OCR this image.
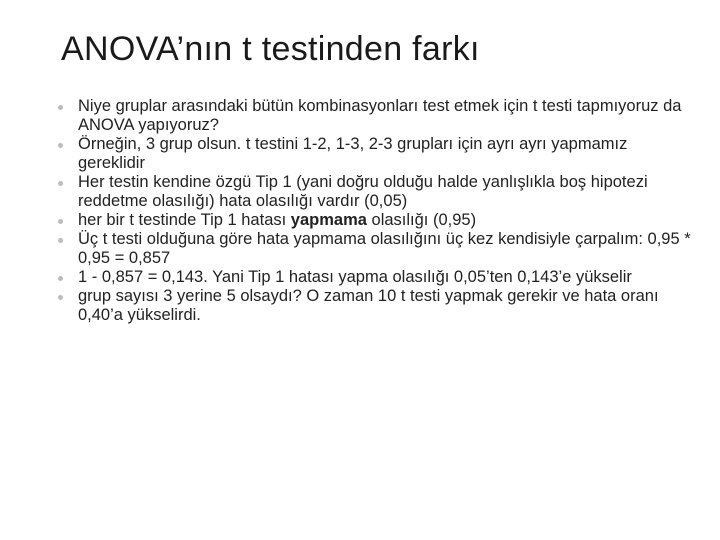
ANOVA’nın t testinden farkı
Niye gruplar arasındaki bütün kombinasyonları test etmek için t testi tapmıyoruz da ANOVA yapıyoruz?
Örneğin, 3 grup olsun. t testini 1-2, 1-3, 2-3 grupları için ayrı ayrı yapmamız gereklidir
Her testin kendine özgü Tip 1 (yani doğru olduğu halde yanlışlıkla boş hipotezi reddetme olasılığı) hata olasılığı vardır (0,05)
her bir t testinde Tip 1 hatası yapmama olasılığı (0,95)
Üç t testi olduğuna göre hata yapmama olasılığını üç kez kendisiyle çarpalım: 0,95 * 0,95 = 0,857
1 - 0,857 = 0,143. Yani Tip 1 hatası yapma olasılığı 0,05’ten 0,143’e yükselir
grup sayısı 3 yerine 5 olsaydı? O zaman 10 t testi yapmak gerekir ve hata oranı 0,40’a yükselirdi.
